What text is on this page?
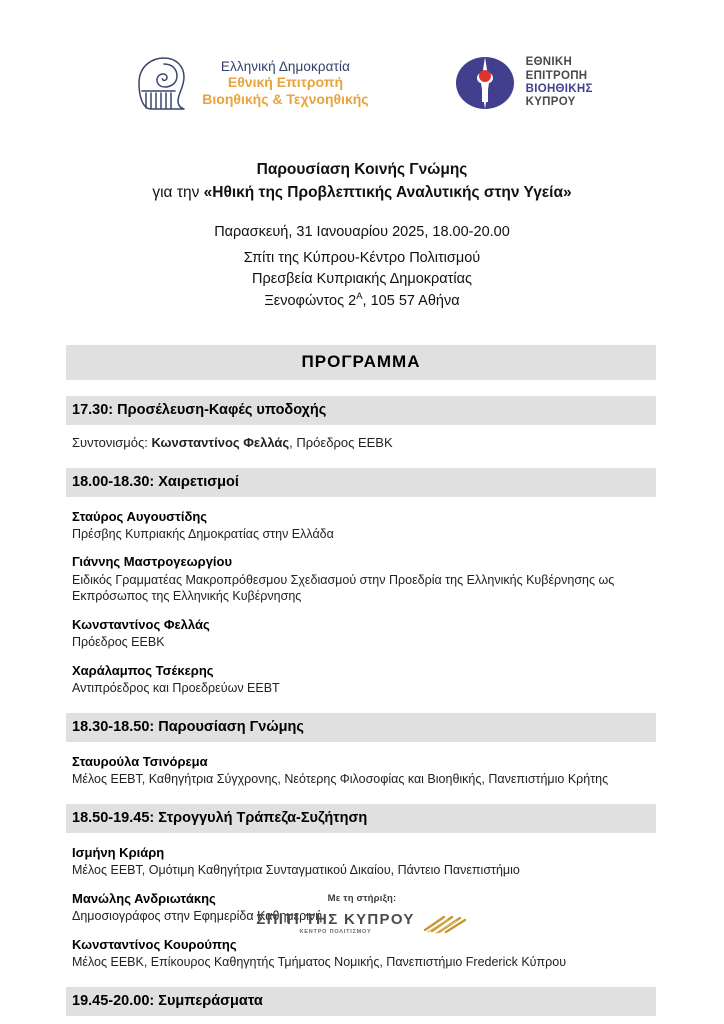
Ελληνική Δημοκρατία
Εθνική Επιτροπή
Βιοηθικής & Τεχνοηθικής
ΕΘΝΙΚΗ
ΕΠΙΤΡΟΠΗ
ΒΙΟΗΘΙΚΗΣ
ΚΥΠΡΟΥ
Παρουσίαση Κοινής Γνώμης
για την «Ηθική της Προβλεπτικής Αναλυτικής στην Υγεία»
Παρασκευή, 31 Ιανουαρίου 2025, 18.00-20.00
Σπίτι της Κύπρου-Κέντρο Πολιτισμού
Πρεσβεία Κυπριακής Δημοκρατίας
Ξενοφώντος $2^A$, 105 57 Αθήνα
ΠΡΟΓΡΑΜΜΑ
17.30: Προσέλευση-Καφές υποδοχής
Συντονισμός: Κωνσταντίνος Φελλάς, Πρόεδρος ΕΕΒΚ
18.00-18.30: Χαιρετισμοί
Σταύρος Αυγουστίδης
Πρέσβης Κυπριακής Δημοκρατίας στην Ελλάδα
Γιάννης Μαστρογεωργίου
Ειδικός Γραμματέας Μακροπρόθεσμου Σχεδιασμού στην Προεδρία της Ελληνικής Κυβέρνησης ως Εκπρόσωπος της Ελληνικής Κυβέρνησης
Κωνσταντίνος Φελλάς
Πρόεδρος ΕΕΒΚ
Χαράλαμπος Τσέκερης
Αντιπρόεδρος και Προεδρεύων ΕΕΒΤ
18.30-18.50: Παρουσίαση Γνώμης
Σταυρούλα Τσινόρεμα
Μέλος ΕΕΒΤ, Καθηγήτρια Σύγχρονης, Νεότερης Φιλοσοφίας και Βιοηθικής, Πανεπιστήμιο Κρήτης
18.50-19.45: Στρογγυλή Τράπεζα-Συζήτηση
Ισμήνη Κριάρη
Μέλος ΕΕΒΤ, Ομότιμη Καθηγήτρια Συνταγματικού Δικαίου, Πάντειο Πανεπιστήμιο
Μανώλης Ανδριωτάκης
Δημοσιογράφος στην Εφημερίδα Καθημερινή
Κωνσταντίνος Κουρούπης
Μέλος ΕΕΒΚ, Επίκουρος Καθηγητής Τμήματος Νομικής, Πανεπιστήμιο Frederick Κύπρου
19.45-20.00: Συμπεράσματα
Με τη στήριξη:
ΣΠΙΤΙ ΤΗΣ ΚΥΠΡΟΥ
ΚΕΝΤΡΟ ΠΟΛΙΤΙΣΜΟΥ
